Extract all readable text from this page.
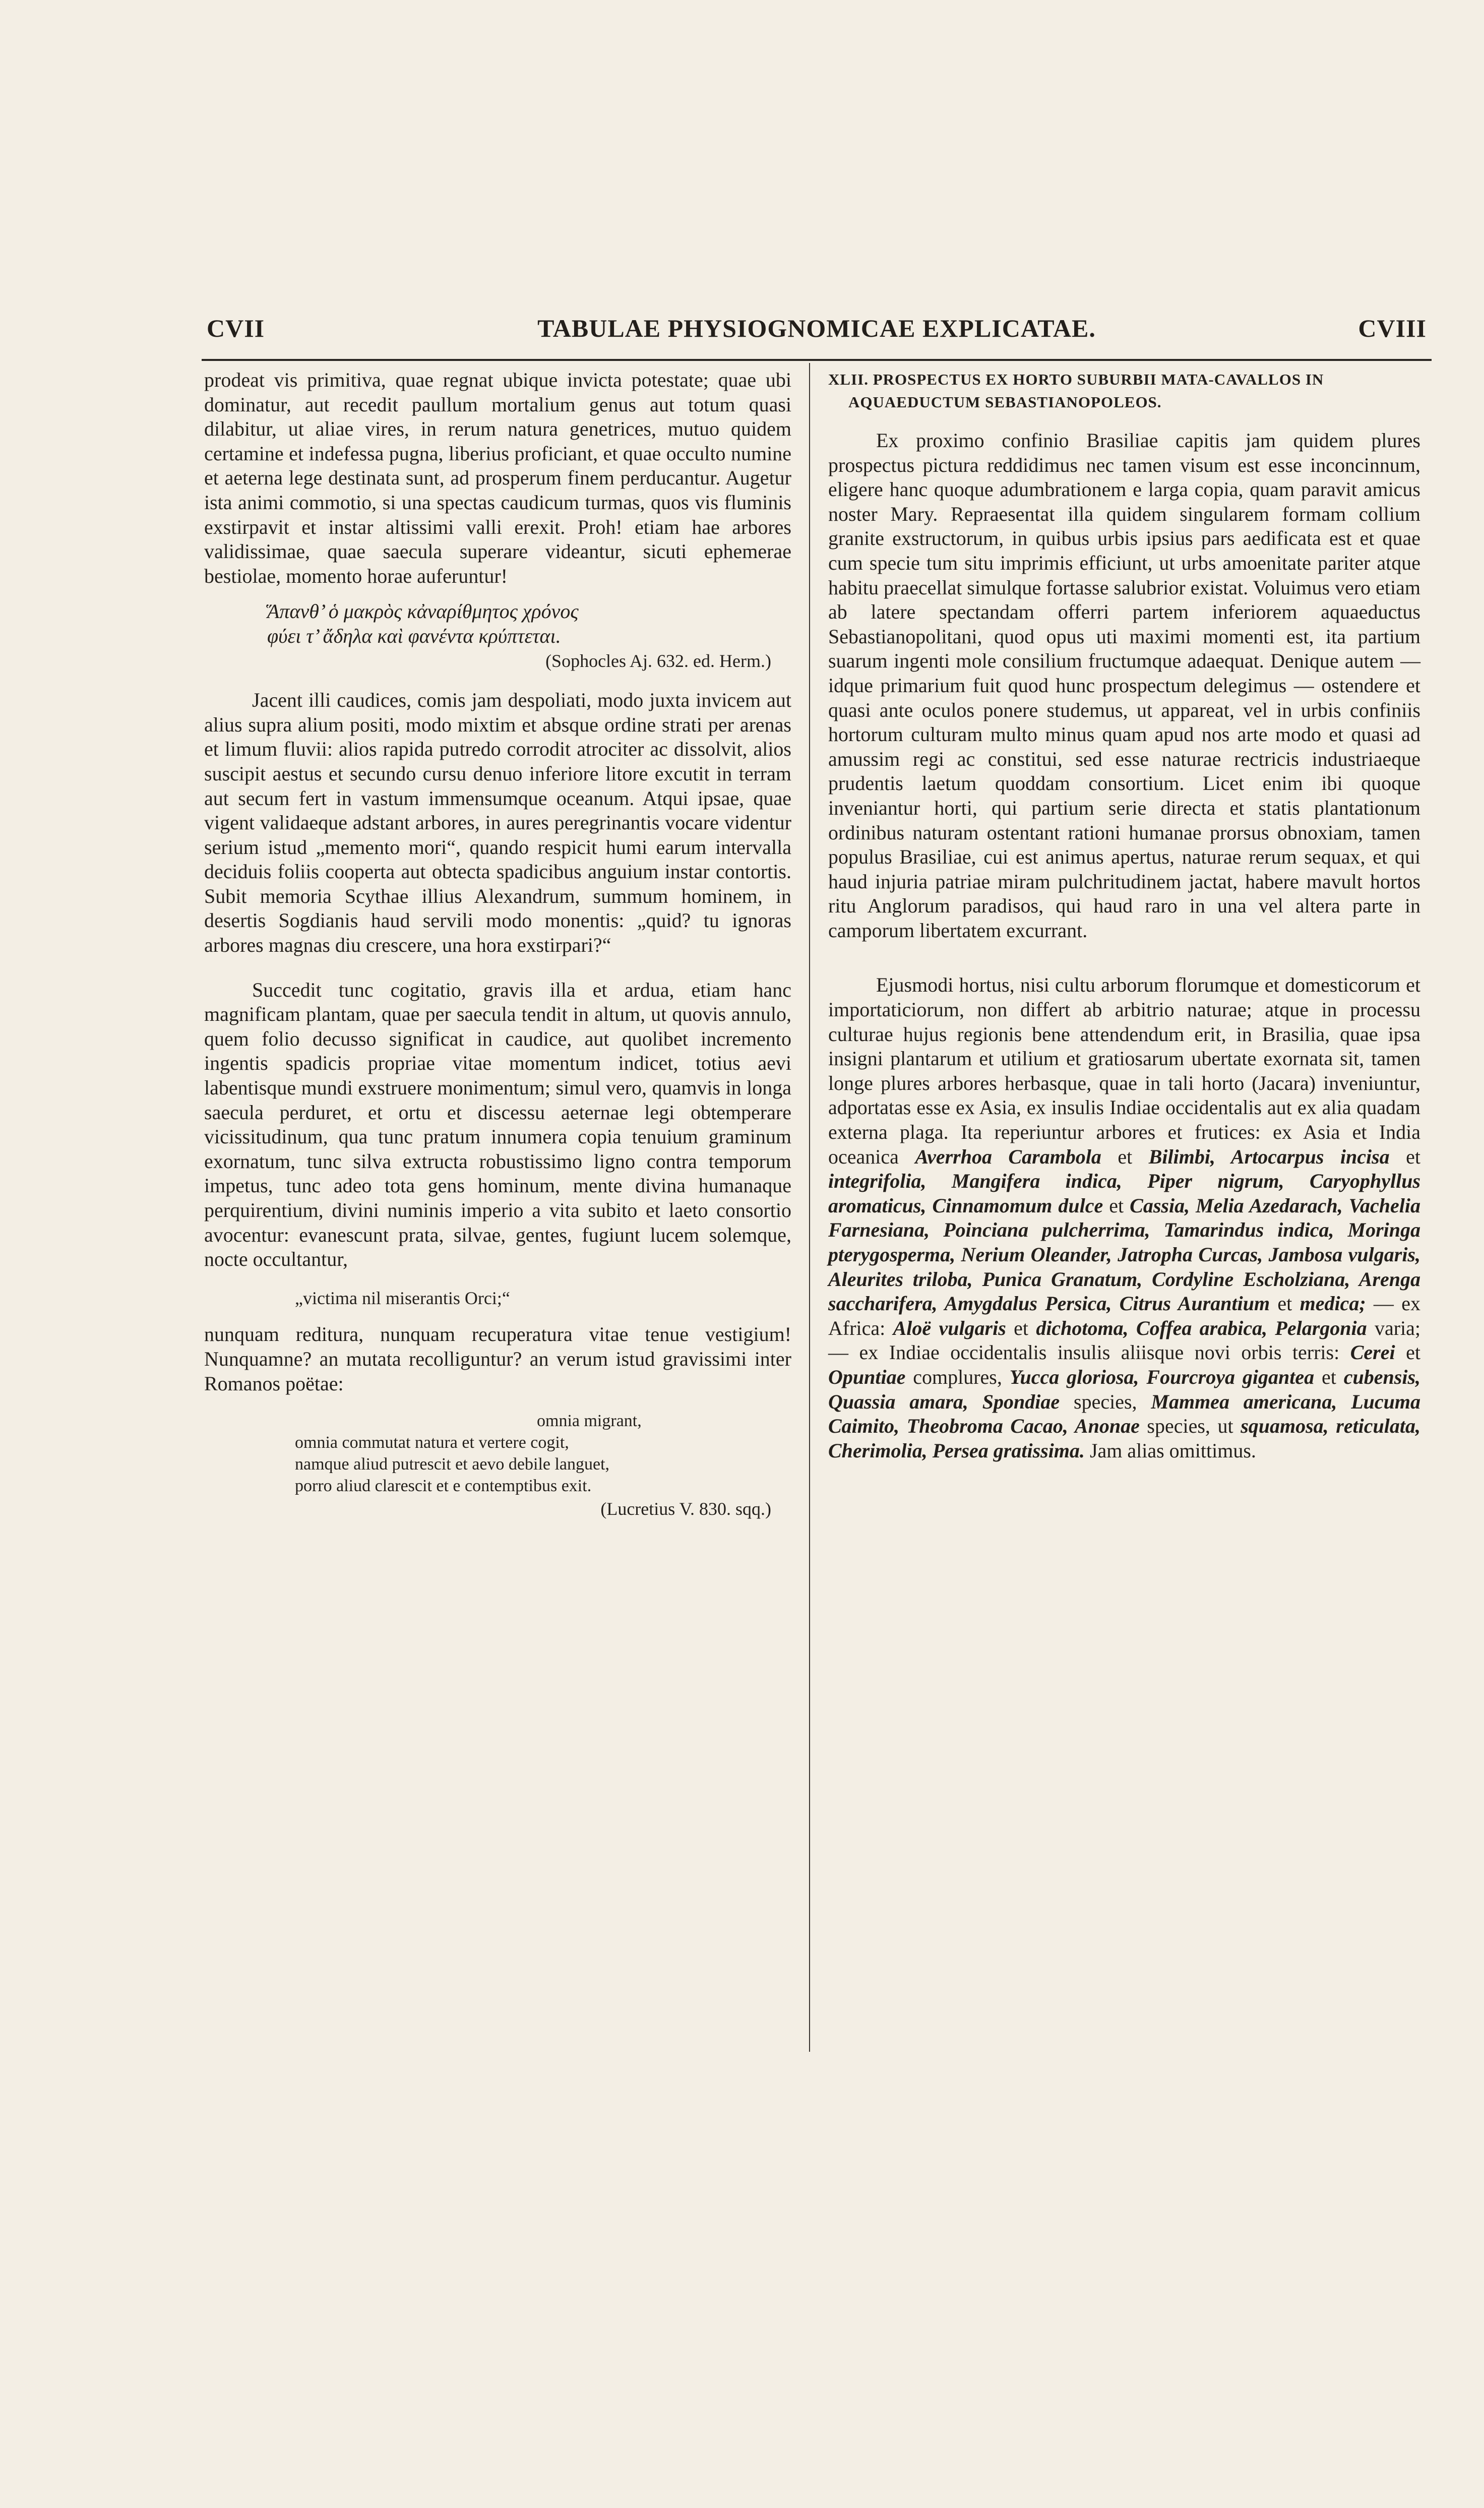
CVII	TABULAE PHYSIOGNOMICAE EXPLICATAE.	CVIII

prodeat vis primitiva, quae regnat ubique invicta potestate; quae ubi dominatur, aut recedit paullum mortalium genus aut totum quasi dilabitur, ut aliae vires, in rerum natura genetrices, mutuo quidem certamine et indefessa pugna, liberius proficiant, et quae occulto numine et aeterna lege destinata sunt, ad prosperum finem perducantur. Augetur ista animi commotio, si una spectas caudicum turmas, quos vis fluminis exstirpavit et instar altissimi valli erexit. Proh! etiam hae arbores validissimae, quae saecula superare videantur, sicuti ephemerae bestiolae, momento horae auferuntur!

Ἅπανθ’ ὁ μακρὸς κἀναρίθμητος χρόνος
φύει τ’ ἄδηλα καὶ φανέντα κρύπτεται.
(Sophocles Aj. 632. ed. Herm.)

Jacent illi caudices, comis jam despoliati, modo juxta invicem aut alius supra alium positi, modo mixtim et absque ordine strati per arenas et limum fluvii: alios rapida putredo corrodit atrociter ac dissolvit, alios suscipit aestus et secundo cursu denuo inferiore litore excutit in terram aut secum fert in vastum immensumque oceanum. Atqui ipsae, quae vigent validaeque adstant arbores, in aures peregrinantis vocare videntur serium istud „memento mori“, quando respicit humi earum intervalla deciduis foliis cooperta aut obtecta spadicibus anguium instar contortis. Subit memoria Scythae illius Alexandrum, summum hominem, in desertis Sogdianis haud servili modo monentis: „quid? tu ignoras arbores magnas diu crescere, una hora exstirpari?“

Succedit tunc cogitatio, gravis illa et ardua, etiam hanc magnificam plantam, quae per saecula tendit in altum, ut quovis annulo, quem folio decusso significat in caudice, aut quolibet incremento ingentis spadicis propriae vitae momentum indicet, totius aevi labentisque mundi exstruere monimentum; simul vero, quamvis in longa saecula perduret, et ortu et discessu aeternae legi obtemperare vicissitudinum, qua tunc pratum innumera copia tenuium graminum exornatum, tunc silva extructa robustissimo ligno contra temporum impetus, tunc adeo tota gens hominum, mente divina humanaque perquirentium, divini numinis imperio a vita subito et laeto consortio avocentur: evanescunt prata, silvae, gentes, fugiunt lucem solemque, nocte occultantur,

„victima nil miserantis Orci;“

nunquam reditura, nunquam recuperatura vitae tenue vestigium! Nunquamne? an mutata recolliguntur? an verum istud gravissimi inter Romanos poëtae:

omnia migrant,
omnia commutat natura et vertere cogit,
namque aliud putrescit et aevo debile languet,
porro aliud clarescit et e contemptibus exit.
(Lucretius V. 830. sqq.)
XLII. PROSPECTUS EX HORTO SUBURBII MATA-CAVALLOS IN
AQUAEDUCTUM SEBASTIANOPOLEOS.

Ex proximo confinio Brasiliae capitis jam quidem plures prospectus pictura reddidimus nec tamen visum est esse inconcinnum, eligere hanc quoque adumbrationem e larga copia, quam paravit amicus noster Mary. Repraesentat illa quidem singularem formam collium granite exstructorum, in quibus urbis ipsius pars aedificata est et quae cum specie tum situ imprimis efficiunt, ut urbs amoenitate pariter atque habitu praecellat simulque fortasse salubrior existat. Voluimus vero etiam ab latere spectandam offerri partem inferiorem aquaeductus Sebastianopolitani, quod opus uti maximi momenti est, ita partium suarum ingenti mole consilium fructumque adaequat. Denique autem — idque primarium fuit quod hunc prospectum delegimus — ostendere et quasi ante oculos ponere studemus, ut appareat, vel in urbis confiniis hortorum culturam multo minus quam apud nos arte modo et quasi ad amussim regi ac constitui, sed esse naturae rectricis industriaeque prudentis laetum quoddam consortium. Licet enim ibi quoque inveniantur horti, qui partium serie directa et statis plantationum ordinibus naturam ostentant rationi humanae prorsus obnoxiam, tamen populus Brasiliae, cui est animus apertus, naturae rerum sequax, et qui haud injuria patriae miram pulchritudinem jactat, habere mavult hortos ritu Anglorum paradisos, qui haud raro in una vel altera parte in camporum libertatem excurrant.

Ejusmodi hortus, nisi cultu arborum florumque et domesticorum et importaticiorum, non differt ab arbitrio naturae; atque in processu culturae hujus regionis bene attendendum erit, in Brasilia, quae ipsa insigni plantarum et utilium et gratiosarum ubertate exornata sit, tamen longe plures arbores herbasque, quae in tali horto (Jacara) inveniuntur, adportatas esse ex Asia, ex insulis Indiae occidentalis aut ex alia quadam externa plaga. Ita reperiuntur arbores et frutices: ex Asia et India oceanica Averrhoa Carambola et Bilimbi, Artocarpus incisa et integrifolia, Mangifera indica, Piper nigrum, Caryophyllus aromaticus, Cinnamomum dulce et Cassia, Melia Azedarach, Vachelia Farnesiana, Poinciana pulcherrima, Tamarindus indica, Moringa pterygosperma, Nerium Oleander, Jatropha Curcas, Jambosa vulgaris, Aleurites triloba, Punica Granatum, Cordyline Escholziana, Arenga saccharifera, Amygdalus Persica, Citrus Aurantium et medica; — ex Africa: Aloë vulgaris et dichotoma, Coffea arabica, Pelargonia varia; — ex Indiae occidentalis insulis aliisque novi orbis terris: Cerei et Opuntiae complures, Yucca gloriosa, Fourcroya gigantea et cubensis, Quassia amara, Spondiae species, Mammea americana, Lucuma Caimito, Theobroma Cacao, Anonae species, ut squamosa, reticulata, Cherimolia, Persea gratissima. Jam alias omittimus.
